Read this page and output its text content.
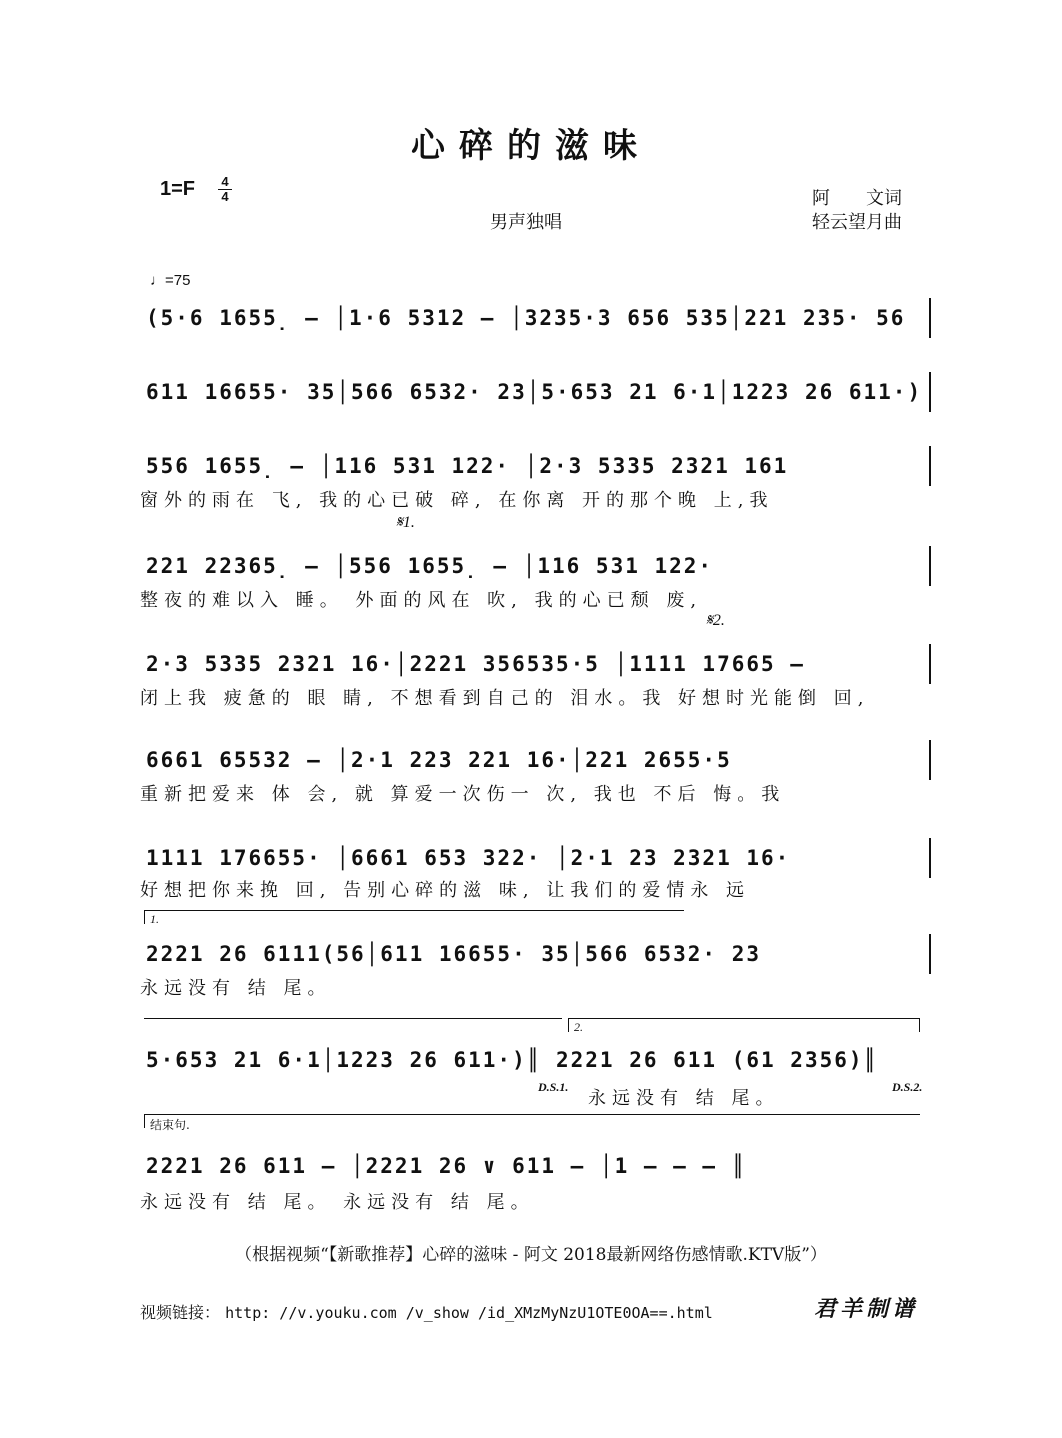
心碎的滋味
1=F 4
4
男声独唱
阿　　文词
轻云望月曲
♩=75
(5·6 1655̣ – │1·6 5312 – │3235·3 656 535│221 235· 56
611 16655· 35│566 6532· 23│5·653 21 6·1│1223 26 611·)
556 1655̣ – │116 531 122· │2·3 5335 2321 161
窗外的雨在 飞, 我的心已破 碎, 在你离 开的那个晚 上,我
𝄋1.
221 22365̣ – │556 1655̣ – │116 531 122·
整夜的难以入 睡。 外面的风在 吹, 我的心已颓 废,
𝄋2.
2·3 5335 2321 16·│2221 356535·5 │1111 17665 –
闭上我 疲惫的 眼 睛, 不想看到自己的 泪水。我 好想时光能倒 回,
6661 65532 – │2·1 223 221 16·│221 2655·5
重新把爱来 体 会, 就 算爱一次伤一 次, 我也 不后 悔。我
1111 176655· │6661 653 322· │2·1 23 2321 16·
好想把你来挽 回, 告别心碎的滋 味, 让我们的爱情永 远
1.
2221 26 6111(56│611 16655· 35│566 6532· 23
永远没有 结 尾。
2.
5·653 21 6·1│1223 26 611·)║ 2221 26 611 (61 2356)║
D.S.1.	D.S.2.
永远没有 结 尾。
结束句.
2221 26 611 – │2221 26 ∨ 611 – │1 – – – ║
永远没有 结 尾。 永远没有 结 尾。
（根据视频“【新歌推荐】心碎的滋味 - 阿文 2018最新网络伤感情歌.KTV版”）
视频链接： http: //v.youku.com /v_show /id_XMzMyNzU1OTE0OA==.html	君羊制谱
